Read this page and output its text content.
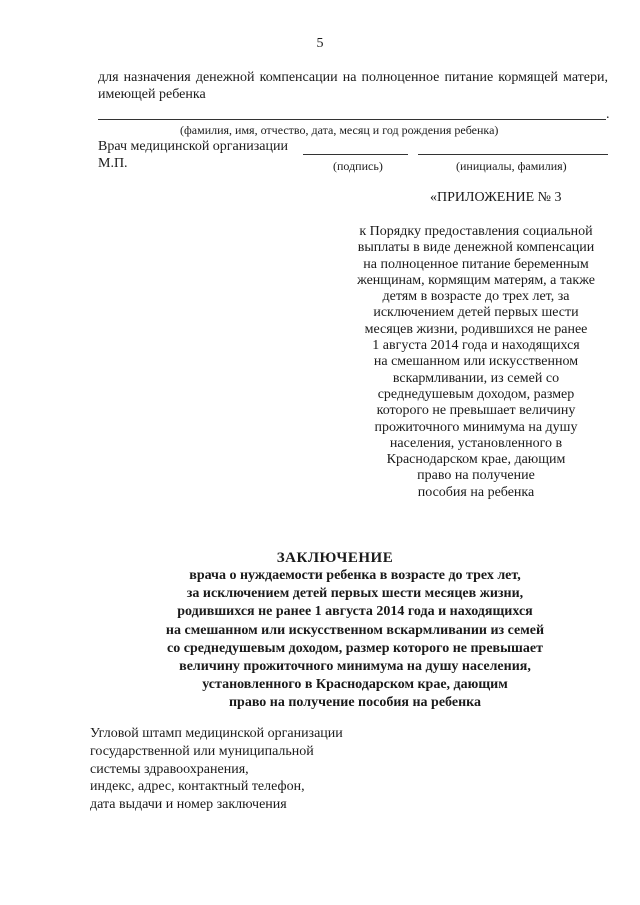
5
для назначения денежной компенсации на полноценное питание кормящей матери, имеющей ребенка
.
(фамилия, имя, отчество, дата, месяц и год рождения ребенка)
Врач медицинской организации
М.П.	(подпись)	(инициалы, фамилия)
«ПРИЛОЖЕНИЕ № 3
к Порядку предоставления социальной
выплаты в виде денежной компенсации
на полноценное питание беременным
женщинам, кормящим матерям, а также
детям в возрасте до трех лет, за
исключением детей первых шести
месяцев жизни, родившихся не ранее
1 августа 2014 года и находящихся
на смешанном или искусственном
вскармливании, из семей со
среднедушевым доходом, размер
которого не превышает величину
прожиточного минимума на душу
населения, установленного в
Краснодарском крае, дающим
право на получение
пособия на ребенка
ЗАКЛЮЧЕНИЕ
врача о нуждаемости ребенка в возрасте до трех лет,
за исключением детей первых шести месяцев жизни,
родившихся не ранее 1 августа 2014 года и находящихся
на смешанном или искусственном вскармливании из семей
со среднедушевым доходом, размер которого не превышает
величину прожиточного минимума на душу населения,
установленного в Краснодарском крае, дающим
право на получение пособия на ребенка
Угловой штамп медицинской организации
государственной или муниципальной
системы здравоохранения,
индекс, адрес, контактный телефон,
дата выдачи и номер заключения
